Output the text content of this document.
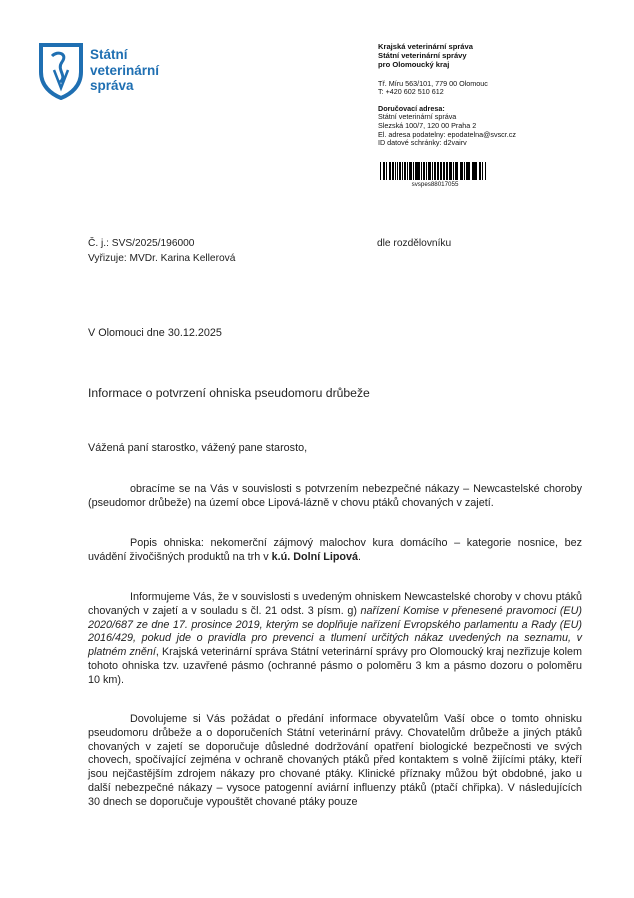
Státní
veterinární
správa
Krajská veterinární správa
Státní veterinární správy
pro Olomoucký kraj
Tř. Míru 563/101, 779 00 Olomouc
T: +420 602 510 612
Doručovací adresa:
Státní veterinární správa
Slezská 100/7, 120 00 Praha 2
El. adresa podatelny: epodatelna@svscr.cz
ID datové schránky: d2vairv
svspes88017055
Č. j.: SVS/2025/196000
Vyřizuje: MVDr. Karina Kellerová
dle rozdělovníku
V Olomouci dne 30.12.2025
Informace o potvrzení ohniska pseudomoru drůbeže
Vážená paní starostko, vážený pane starosto,
obracíme se na Vás v souvislosti s potvrzením nebezpečné nákazy – Newcastelské choroby (pseudomor drůbeže) na území obce Lipová-lázně v chovu ptáků chovaných v zajetí.
Popis ohniska: nekomerční zájmový malochov kura domácího – kategorie nosnice, bez uvádění živočišných produktů na trh v k.ú. Dolní Lipová.
Informujeme Vás, že v souvislosti s uvedeným ohniskem Newcastelské choroby v chovu ptáků chovaných v zajetí a v souladu s čl. 21 odst. 3 písm. g) nařízení Komise v přenesené pravomoci (EU) 2020/687 ze dne 17. prosince 2019, kterým se doplňuje nařízení Evropského parlamentu a Rady (EU) 2016/429, pokud jde o pravidla pro prevenci a tlumení určitých nákaz uvedených na seznamu, v platném znění, Krajská veterinární správa Státní veterinární správy pro Olomoucký kraj nezřizuje kolem tohoto ohniska tzv. uzavřené pásmo (ochranné pásmo o poloměru 3 km a pásmo dozoru o poloměru 10 km).
Dovolujeme si Vás požádat o předání informace obyvatelům Vaší obce o tomto ohnisku pseudomoru drůbeže a o doporučeních Státní veterinární právy. Chovatelům drůbeže a jiných ptáků chovaných v zajetí se doporučuje důsledné dodržování opatření biologické bezpečnosti ve svých chovech, spočívající zejména v ochraně chovaných ptáků před kontaktem s volně žijícími ptáky, kteří jsou nejčastějším zdrojem nákazy pro chované ptáky. Klinické příznaky můžou být obdobné, jako u další nebezpečné nákazy – vysoce patogenní aviární influenzy ptáků (ptačí chřipka). V následujících 30 dnech se doporučuje vypouštět chované ptáky pouze
